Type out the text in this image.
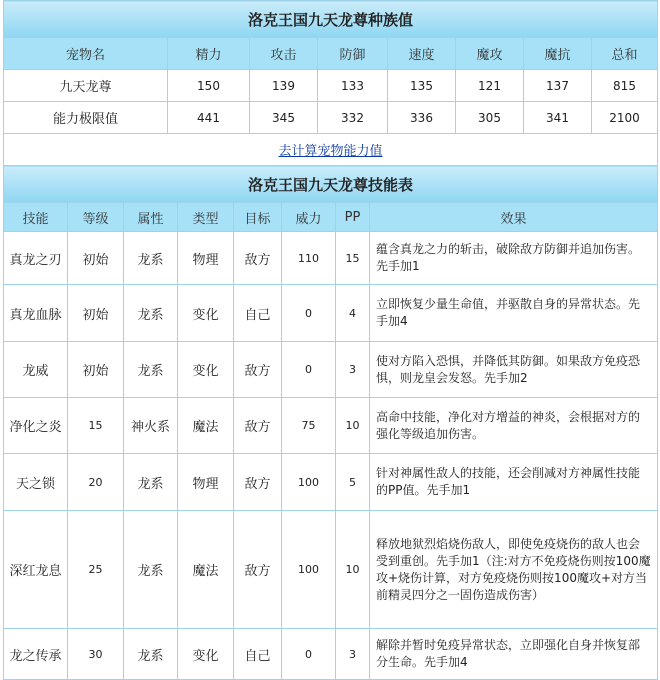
洛克王国九天龙尊种族值							
宠物名	精力	攻击	防御	速度	魔攻	魔抗	总和
九天龙尊	150	139	133	135	121	137	815
能力极限值	441	345	332	336	305	341	2100
去计算宠物能力值							
洛克王国九天龙尊技能表							
技能	等级	属性	类型	目标	威力	PP	效果
真龙之刃	初始	龙系	物理	敌方	110	15	蕴含真龙之力的斩击，破除敌方防御并追加伤害。先手加1
真龙血脉	初始	龙系	变化	自己	0	4	立即恢复少量生命值，并驱散自身的异常状态。先手加4
龙威	初始	龙系	变化	敌方	0	3	使对方陷入恐惧，并降低其防御。如果敌方免疫恐惧，则龙皇会发怒。先手加2
净化之炎	15	神火系	魔法	敌方	75	10	高命中技能，净化对方增益的神炎，会根据对方的强化等级追加伤害。
天之锁	20	龙系	物理	敌方	100	5	针对神属性敌人的技能，还会削减对方神属性技能的PP值。先手加1
深红龙息	25	龙系	魔法	敌方	100	10	释放地狱烈焰烧伤敌人，即使免疫烧伤的敌人也会受到重创。先手加1（注:对方不免疫烧伤则按100魔攻+烧伤计算，对方免疫烧伤则按100魔攻+对方当前精灵四分之一固伤造成伤害）
龙之传承	30	龙系	变化	自己	0	3	解除并暂时免疫异常状态，立即强化自身并恢复部分生命。先手加4
